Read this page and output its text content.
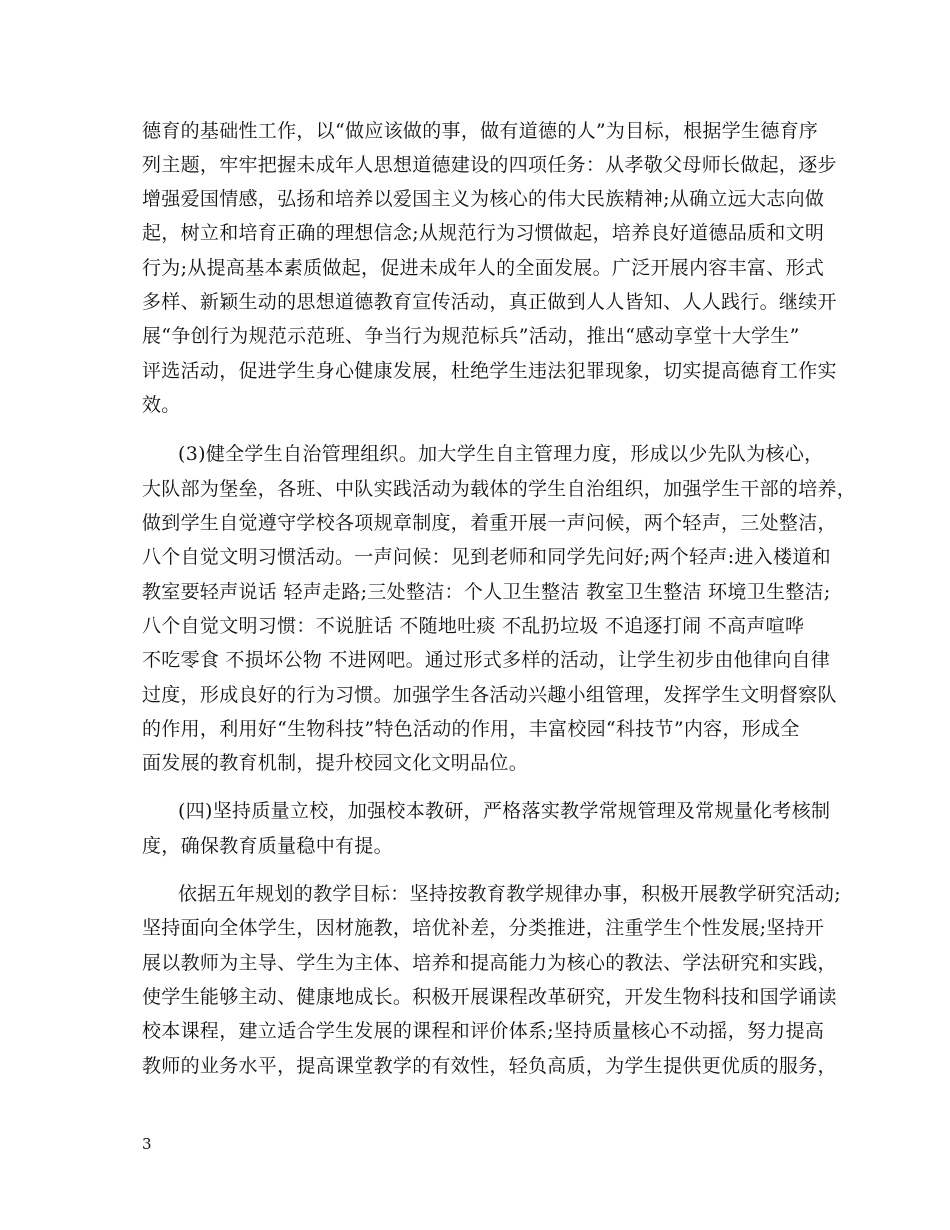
德育的基础性工作，以“做应该做的事，做有道德的人”为目标，根据学生德育序
列主题，牢牢把握未成年人思想道德建设的四项任务：从孝敬父母师长做起，逐步
增强爱国情感，弘扬和培养以爱国主义为核心的伟大民族精神;从确立远大志向做
起，树立和培育正确的理想信念;从规范行为习惯做起，培养良好道德品质和文明
行为;从提高基本素质做起，促进未成年人的全面发展。广泛开展内容丰富、形式
多样、新颖生动的思想道德教育宣传活动，真正做到人人皆知、人人践行。继续开
展“争创行为规范示范班、争当行为规范标兵”活动，推出“感动享堂十大学生”
评选活动，促进学生身心健康发展，杜绝学生违法犯罪现象，切实提高德育工作实
效。
(3)健全学生自治管理组织。加大学生自主管理力度，形成以少先队为核心，
大队部为堡垒，各班、中队实践活动为载体的学生自治组织，加强学生干部的培养，
做到学生自觉遵守学校各项规章制度，着重开展一声问候，两个轻声，三处整洁，
八个自觉文明习惯活动。一声问候：见到老师和同学先问好;两个轻声:进入楼道和
教室要轻声说话 轻声走路;三处整洁：个人卫生整洁 教室卫生整洁 环境卫生整洁;
八个自觉文明习惯：不说脏话 不随地吐痰 不乱扔垃圾 不追逐打闹 不高声喧哗
不吃零食 不损坏公物 不进网吧。通过形式多样的活动，让学生初步由他律向自律
过度，形成良好的行为习惯。加强学生各活动兴趣小组管理，发挥学生文明督察队
的作用，利用好“生物科技”特色活动的作用，丰富校园“科技节”内容，形成全
面发展的教育机制，提升校园文化文明品位。
(四)坚持质量立校，加强校本教研，严格落实教学常规管理及常规量化考核制
度，确保教育质量稳中有提。
依据五年规划的教学目标：坚持按教育教学规律办事，积极开展教学研究活动;
坚持面向全体学生，因材施教，培优补差，分类推进，注重学生个性发展;坚持开
展以教师为主导、学生为主体、培养和提高能力为核心的教法、学法研究和实践，
使学生能够主动、健康地成长。积极开展课程改革研究，开发生物科技和国学诵读
校本课程，建立适合学生发展的课程和评价体系;坚持质量核心不动摇，努力提高
教师的业务水平，提高课堂教学的有效性，轻负高质，为学生提供更优质的服务，
3
